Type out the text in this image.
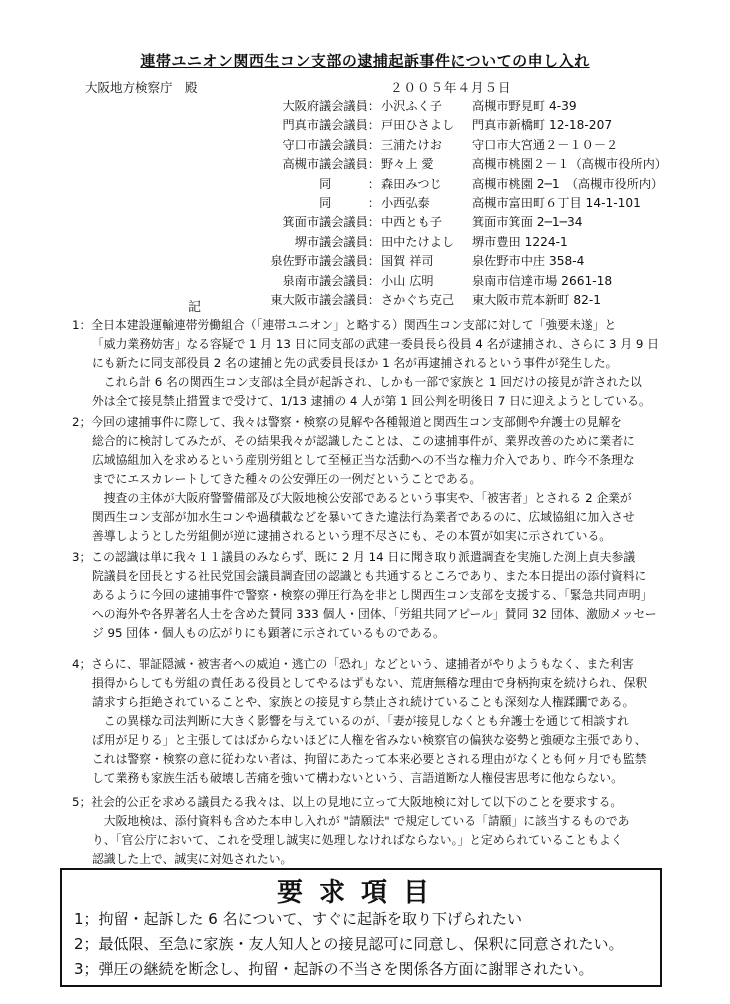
連帯ユニオン関西生コン支部の逮捕起訴事件についての申し入れ
大阪地方検察庁　殿	２００５年４月５日
大阪府議会議員： 小沢ふく子 高槻市野見町 4-39
門真市議会議員： 戸田ひさよし 門真市新橋町 12-18-207
守口市議会議員： 三浦たけお 守口市大宮通２－１０－２
高槻市議会議員： 野々上 愛	高槻市桃園２－１（高槻市役所内）
同　　　： 森田みつじ 高槻市桃園 2─1　（高槻市役所内）
同　　　： 小西弘泰	高槻市富田町６丁目 14-1-101
箕面市議会議員： 中西とも子 箕面市箕面 2─1─34
堺市議会議員： 田中たけよし 堺市豊田 1224-1
泉佐野市議会議員： 国賀 祥司	泉佐野市中庄 358-4
泉南市議会議員： 小山 広明	泉南市信達市場 2661-18
東大阪市議会議員： さかぐち克己 東大阪市荒本新町 82-1
記
1：全日本建設運輸連帯労働組合（「連帯ユニオン」と略する）関西生コン支部に対して「強要未遂」と
「威力業務妨害」なる容疑で 1 月 13 日に同支部の武建一委員長ら役員 4 名が逮捕され、さらに 3 月 9 日
にも新たに同支部役員 2 名の逮捕と先の武委員長ほか 1 名が再逮捕されるという事件が発生した。
　これら計 6 名の関西生コン支部は全員が起訴され、しかも一部で家族と 1 回だけの接見が許された以
外は全て接見禁止措置まで受けて、1/13 逮捕の 4 人が第 1 回公判を明後日 7 日に迎えようとしている。
2；今回の逮捕事件に際して、我々は警察・検察の見解や各種報道と関西生コン支部側や弁護士の見解を
総合的に検討してみたが、その結果我々が認識したことは、この逮捕事件が、業界改善のために業者に
広域協組加入を求めるという産別労組として至極正当な活動への不当な権力介入であり、昨今不条理な
までにエスカレートしてきた種々の公安弾圧の一例だということである。
　捜査の主体が大阪府警警備部及び大阪地検公安部であるという事実や、「被害者」とされる 2 企業が
関西生コン支部が加水生コンや過積載などを暴いてきた違法行為業者であるのに、広域協組に加入させ
善導しようとした労組側が逆に逮捕されるという理不尽さにも、その本質が如実に示されている。
3；この認識は単に我々１１議員のみならず、既に 2 月 14 日に聞き取り派遣調査を実施した渕上貞夫参議
院議員を団長とする社民党国会議員調査団の認識とも共通するところであり、また本日提出の添付資料に
あるように今回の逮捕事件で警察・検察の弾圧行為を非とし関西生コン支部を支援する、「緊急共同声明」
への海外や各界著名人士を含めた賛同 333 個人・団体、「労組共同アピール」賛同 32 団体、激励メッセー
ジ 95 団体・個人もの広がりにも顕著に示されているものである。
4；さらに、罪証隠滅・被害者への威迫・逃亡の「恐れ」などという、逮捕者がやりようもなく、また利害
損得からしても労組の責任ある役員としてやるはずもない、荒唐無稽な理由で身柄拘束を続けられ、保釈
請求すら拒絶されていることや、家族との接見すら禁止され続けていることも深刻な人権蹂躙である。
　この異様な司法判断に大きく影響を与えているのが、「妻が接見しなくとも弁護士を通じて相談すれ
ば用が足りる」と主張してはばからないほどに人権を省みない検察官の偏狭な姿勢と強硬な主張であり、
これは警察・検察の意に従わない者は、拘留にあたって本来必要とされる理由がなくとも何ヶ月でも監禁
して業務も家族生活も破壊し苦痛を強いて構わないという、言語道断な人権侵害思考に他ならない。
5；社会的公正を求める議員たる我々は、以上の見地に立って大阪地検に対して以下のことを要求する。
　大阪地検は、添付資料も含めた本申し入れが "請願法" で規定している「請願」に該当するものであ
り、「官公庁において、これを受理し誠実に処理しなければならない。」と定められていることもよく
認識した上で、誠実に対処されたい。
要求項目
1；拘留・起訴した 6 名について、すぐに起訴を取り下げられたい
2；最低限、至急に家族・友人知人との接見認可に同意し、保釈に同意されたい。
3；弾圧の継続を断念し、拘留・起訴の不当さを関係各方面に謝罪されたい。
